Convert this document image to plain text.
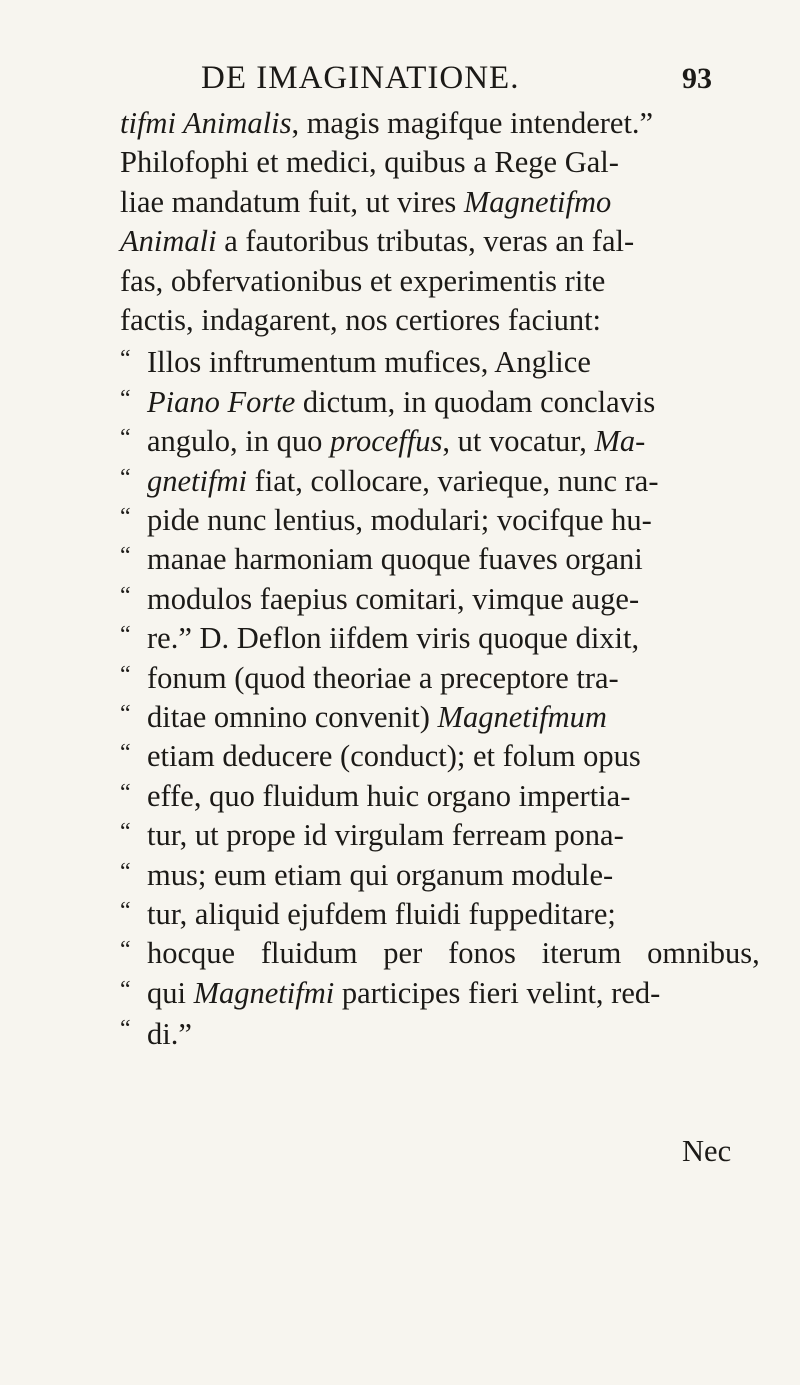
DE IMAGINATIONE.	93
tifmi Animalis, magis magifque intenderet.”
Philofophi et medici, quibus a Rege Gal-
liae mandatum fuit, ut vires Magnetifmo
Animali a fautoribus tributas, veras an fal-
fas, obfervationibus et experimentis rite
factis, indagarent, nos certiores faciunt:
“ Illos inftrumentum mufices, Anglice
“ Piano Forte dictum, in quodam conclavis
“ angulo, in quo proceffus, ut vocatur, Ma-
“ gnetifmi fiat, collocare, varieque, nunc ra-
“ pide nunc lentius, modulari; vocifque hu-
“ manae harmoniam quoque fuaves organi
“ modulos faepius comitari, vimque auge-
“ re.” D. Deflon iifdem viris quoque dixit,
“ fonum (quod theoriae a preceptore tra-
“ ditae omnino convenit) Magnetifmum
“ etiam deducere (conduct); et folum opus
“ effe, quo fluidum huic organo impertia-
“ tur, ut prope id virgulam ferream pona-
“ mus; eum etiam qui organum module-
“ tur, aliquid ejufdem fluidi fuppeditare;
“ hocque fluidum per fonos iterum omnibus,
“ qui Magnetifmi participes fieri velint, red-
“ di.”
Nec
